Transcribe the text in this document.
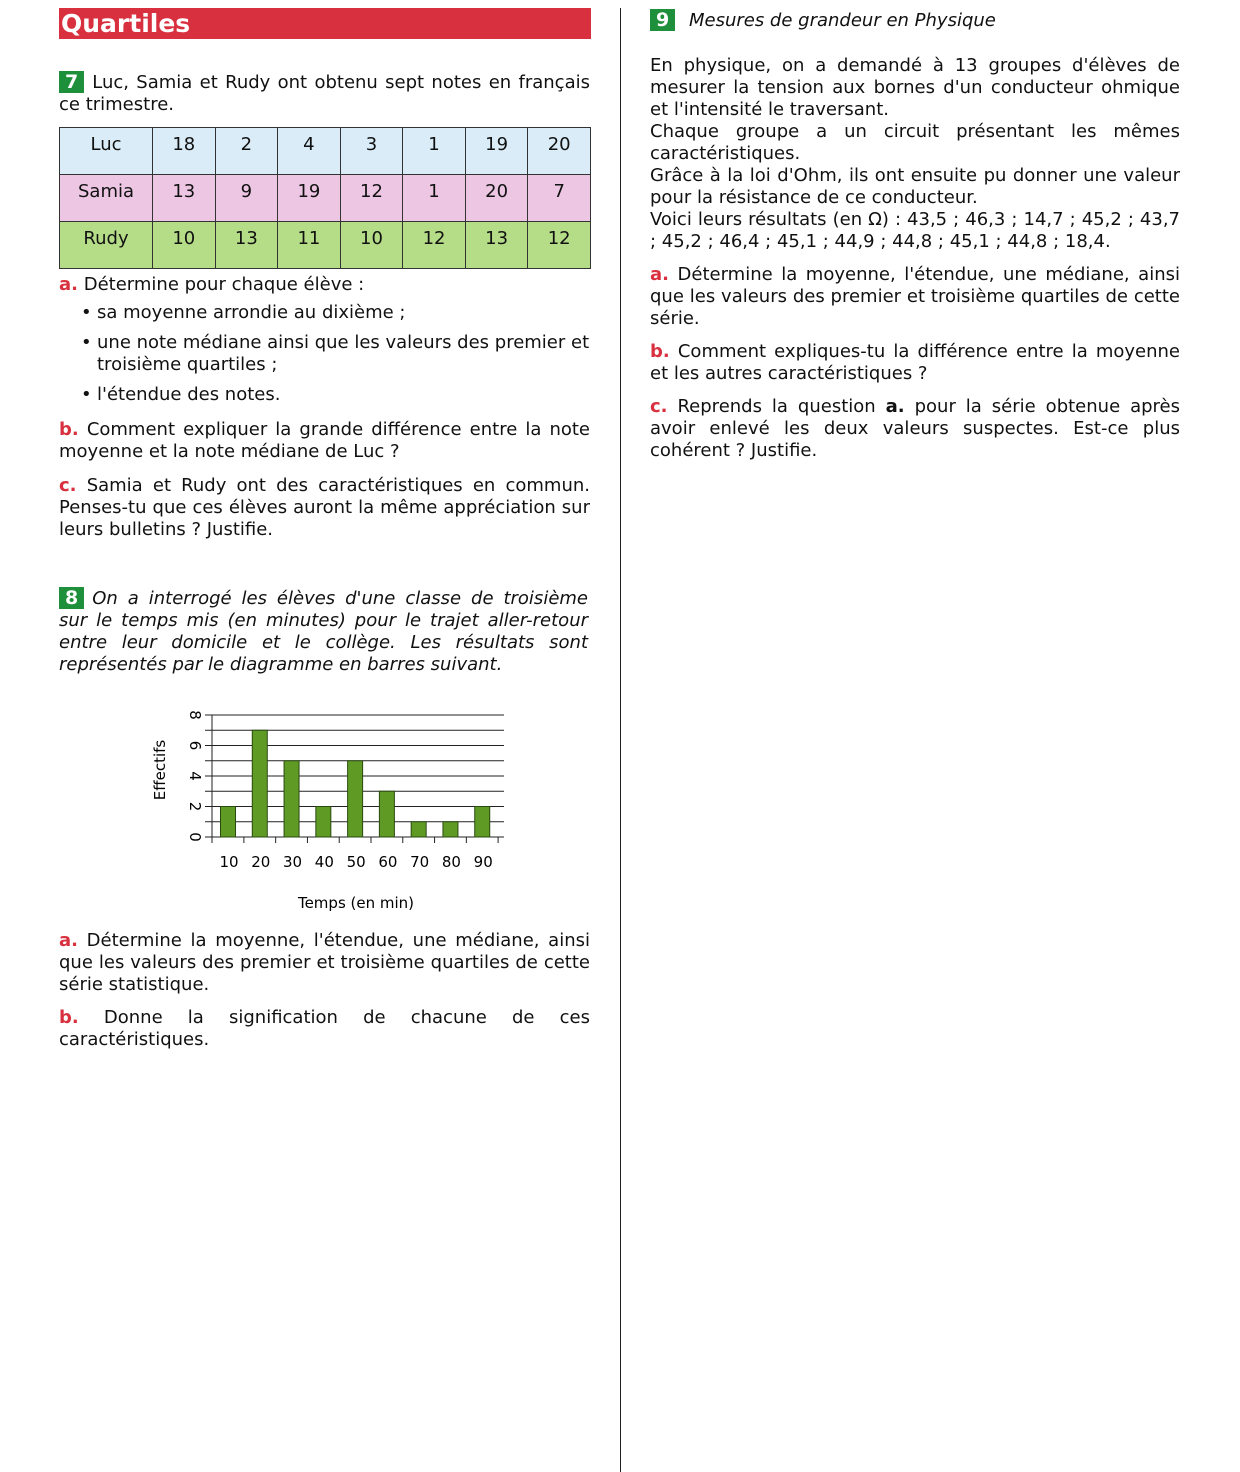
Quartiles

7 Luc, Samia et Rudy ont obtenu sept notes en français ce trimestre.

Luc	18	2	4	3	1	19	20
Samia	13	9	19	12	1	20	7
Rudy	10	13	11	10	12	13	12

a. Détermine pour chaque élève :

• sa moyenne arrondie au dixième ;
• une note médiane ainsi que les valeurs des premier et troisième quartiles ;
• l'étendue des notes.

b. Comment expliquer la grande différence entre la note moyenne et la note médiane de Luc ?

c. Samia et Rudy ont des caractéristiques en commun. Penses-tu que ces élèves auront la même appréciation sur leurs bulletins ? Justifie.

8 On a interrogé les élèves d'une classe de troisième sur le temps mis (en minutes) pour le trajet aller-retour entre leur domicile et le collège. Les résultats sont représentés par le diagramme en barres suivant.

0
2
4
6
8
10 20 30 40 50 60 70 80 90
Effectifs
Temps (en min)

a. Détermine la moyenne, l'étendue, une médiane, ainsi que les valeurs des premier et troisième quartiles de cette série statistique.

b. Donne la signification de chacune de ces caractéristiques.

9 Mesures de grandeur en Physique

En physique, on a demandé à 13 groupes d'élèves de mesurer la tension aux bornes d'un conducteur ohmique et l'intensité le traversant.

Chaque groupe a un circuit présentant les mêmes caractéristiques.

Grâce à la loi d'Ohm, ils ont ensuite pu donner une valeur pour la résistance de ce conducteur.

Voici leurs résultats (en Ω) : 43,5 ; 46,3 ; 14,7 ; 45,2 ; 43,7 ; 45,2 ; 46,4 ; 45,1 ; 44,9 ; 44,8 ; 45,1 ; 44,8 ; 18,4.

a. Détermine la moyenne, l'étendue, une médiane, ainsi que les valeurs des premier et troisième quartiles de cette série.

b. Comment expliques-tu la différence entre la moyenne et les autres caractéristiques ?

c. Reprends la question a. pour la série obtenue après avoir enlevé les deux valeurs suspectes. Est-ce plus cohérent ? Justifie.
